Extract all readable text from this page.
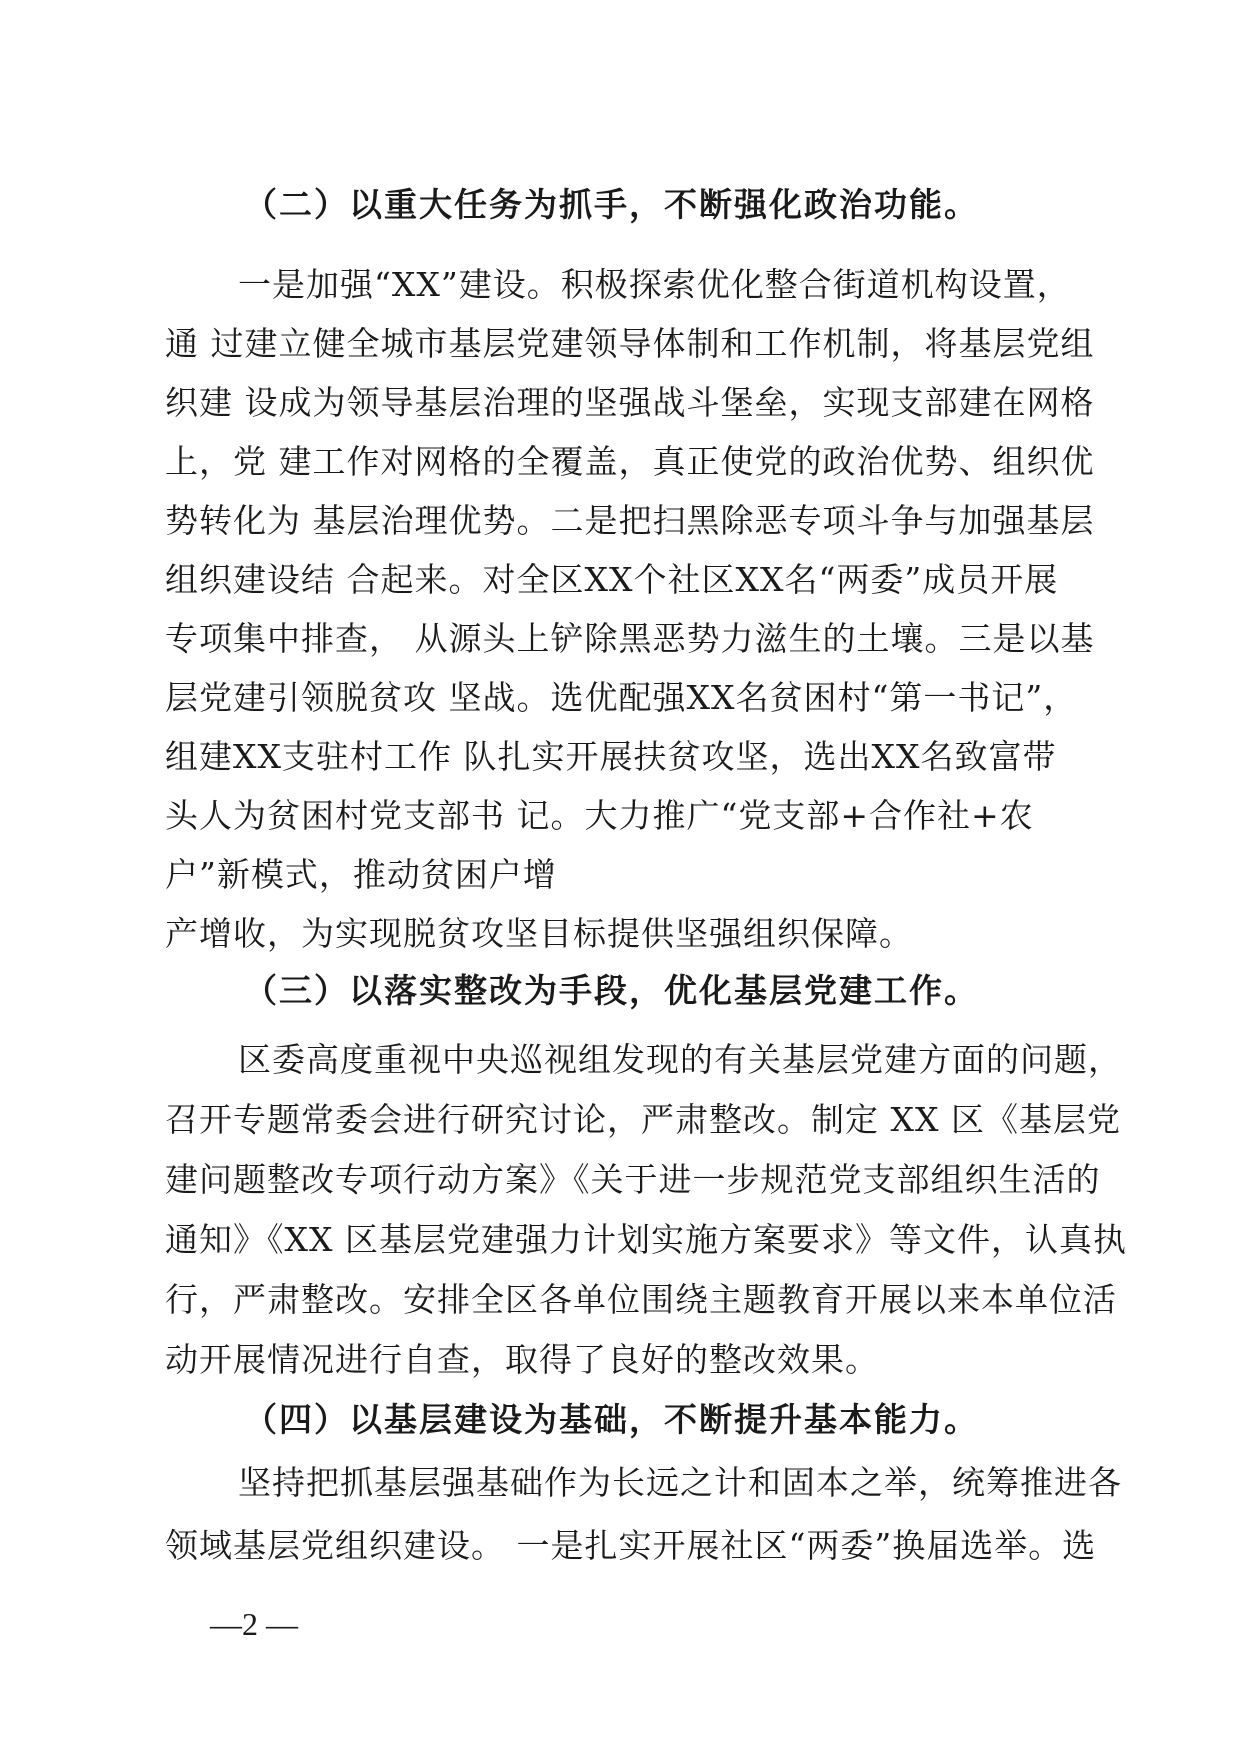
（二）以重大任务为抓手，不断强化政治功能。
一是加强“XX”建设。积极探索优化整合街道机构设置，
通 过建立健全城市基层党建领导体制和工作机制，将基层党组
织建 设成为领导基层治理的坚强战斗堡垒，实现支部建在网格
上，党 建工作对网格的全覆盖，真正使党的政治优势、组织优
势转化为 基层治理优势。二是把扫黑除恶专项斗争与加强基层
组织建设结 合起来。对全区XX个社区XX名“两委”成员开展
专项集中排查， 从源头上铲除黑恶势力滋生的土壤。三是以基
层党建引领脱贫攻 坚战。选优配强XX名贫困村“第一书记”，
组建XX支驻村工作 队扎实开展扶贫攻坚，选出XX名致富带
头人为贫困村党支部书 记。大力推广“党支部+合作社+农
户”新模式，推动贫困户增
产增收，为实现脱贫攻坚目标提供坚强组织保障。
（三）以落实整改为手段，优化基层党建工作。
区委高度重视中央巡视组发现的有关基层党建方面的问题，
召开专题常委会进行研究讨论，严肃整改。制定 XX 区《基层党
建问题整改专项行动方案》《关于进一步规范党支部组织生活的
通知》《XX 区基层党建强力计划实施方案要求》等文件，认真执
行，严肃整改。安排全区各单位围绕主题教育开展以来本单位活
动开展情况进行自查，取得了良好的整改效果。
（四）以基层建设为基础，不断提升基本能力。
坚持把抓基层强基础作为长远之计和固本之举，统筹推进各
领域基层党组织建设。 一是扎实开展社区“两委”换届选举。选
—2 —
